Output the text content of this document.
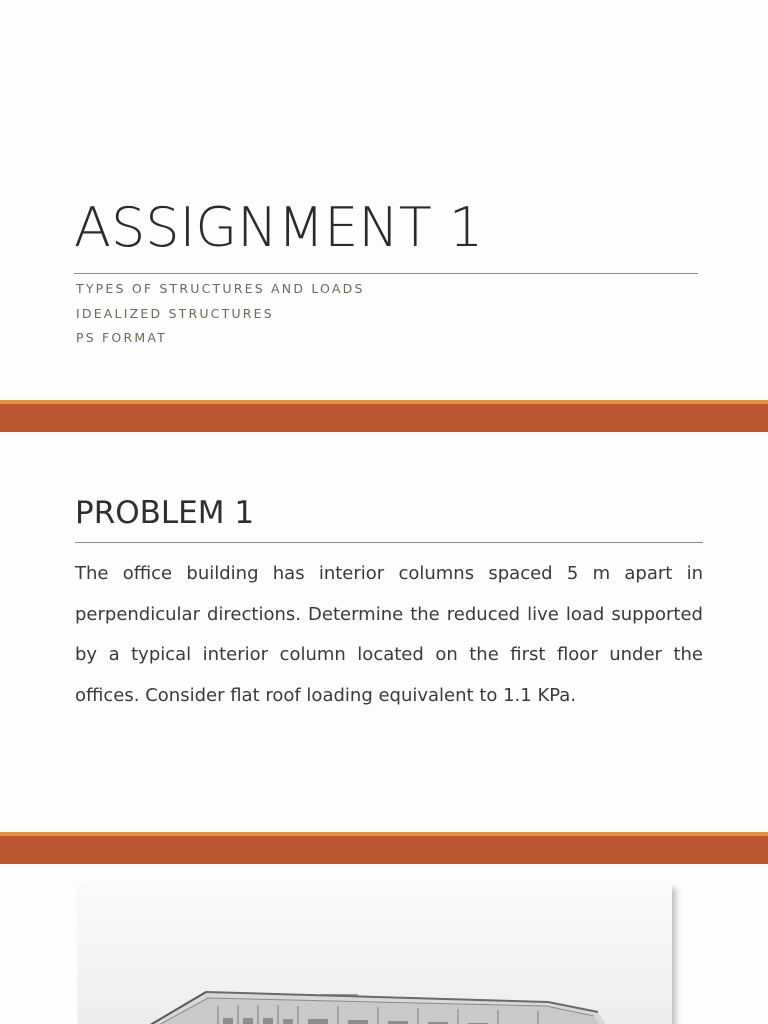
ASSIGNMENT 1
TYPES OF STRUCTURES AND LOADS
IDEALIZED STRUCTURES
PS FORMAT
PROBLEM 1

The office building has interior columns spaced 5 m apart in perpendicular directions. Determine the reduced live load supported by a typical interior column located on the first floor under the offices. Consider flat roof loading equivalent to 1.1 KPa.
